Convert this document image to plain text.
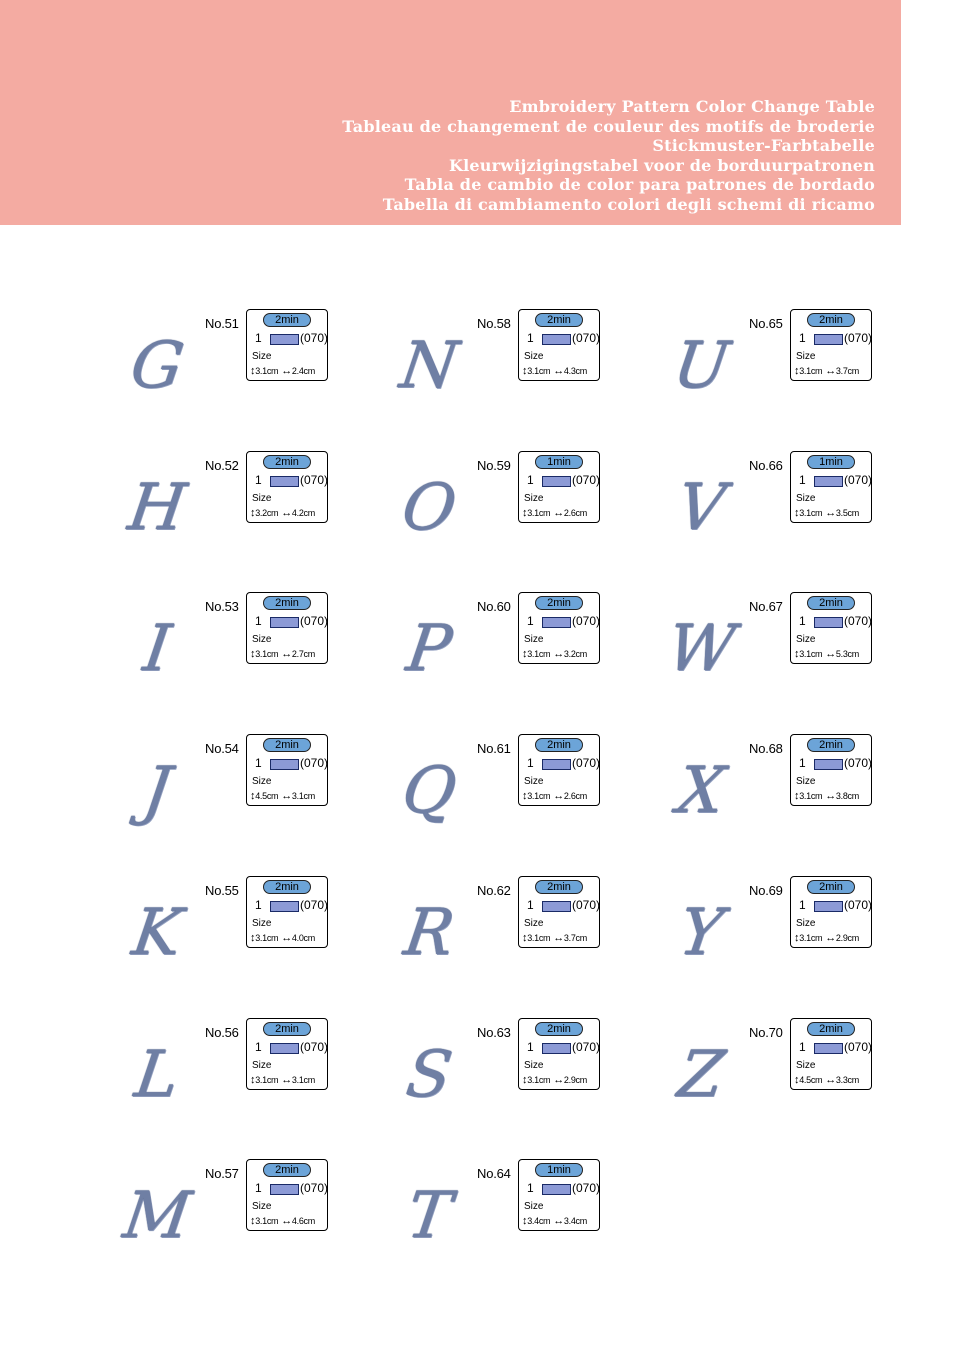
Embroidery Pattern Color Change Table
Tableau de changement de couleur des motifs de broderie
Stickmuster-Farbtabelle
Kleurwijzigingstabel voor de borduurpatronen
Tabla de cambio de color para patrones de bordado
Tabella di cambiamento colori degli schemi di ricamo
G
No.51	2min
1	(070)
Size
↕3.1cm ↔2.4cm	N
No.58	2min
1	(070)
Size
↕3.1cm ↔4.3cm	U
No.65	2min
1	(070)
Size
↕3.1cm ↔3.7cm
H
No.52	2min
1	(070)
Size
↕3.2cm ↔4.2cm	O
No.59	1min
1	(070)
Size
↕3.1cm ↔2.6cm	V
No.66	1min
1	(070)
Size
↕3.1cm ↔3.5cm
I
No.53	2min
1	(070)
Size
↕3.1cm ↔2.7cm	P
No.60	2min
1	(070)
Size
↕3.1cm ↔3.2cm W
No.67	2min
1	(070)
Size
↕3.1cm ↔5.3cm
J
No.54	2min
1	(070)
Size
↕4.5cm ↔3.1cm	Q
No.61	2min
1	(070)
Size
↕3.1cm ↔2.6cm	X
No.68	2min
1	(070)
Size
↕3.1cm ↔3.8cm
K
No.55	2min
1	(070)
Size
↕3.1cm ↔4.0cm	R
No.62	2min
1	(070)
Size
↕3.1cm ↔3.7cm	Y
No.69	2min
1	(070)
Size
↕3.1cm ↔2.9cm
L
No.56	2min
1	(070)
Size
↕3.1cm ↔3.1cm	S
No.63	2min
1	(070)
Size
↕3.1cm ↔2.9cm	Z
No.70	2min
1	(070)
Size
↕4.5cm ↔3.3cm
M
No.57	2min
1	(070)
Size
↕3.1cm ↔4.6cm	T
No.64	1min
1	(070)
Size
↕3.4cm ↔3.4cm
